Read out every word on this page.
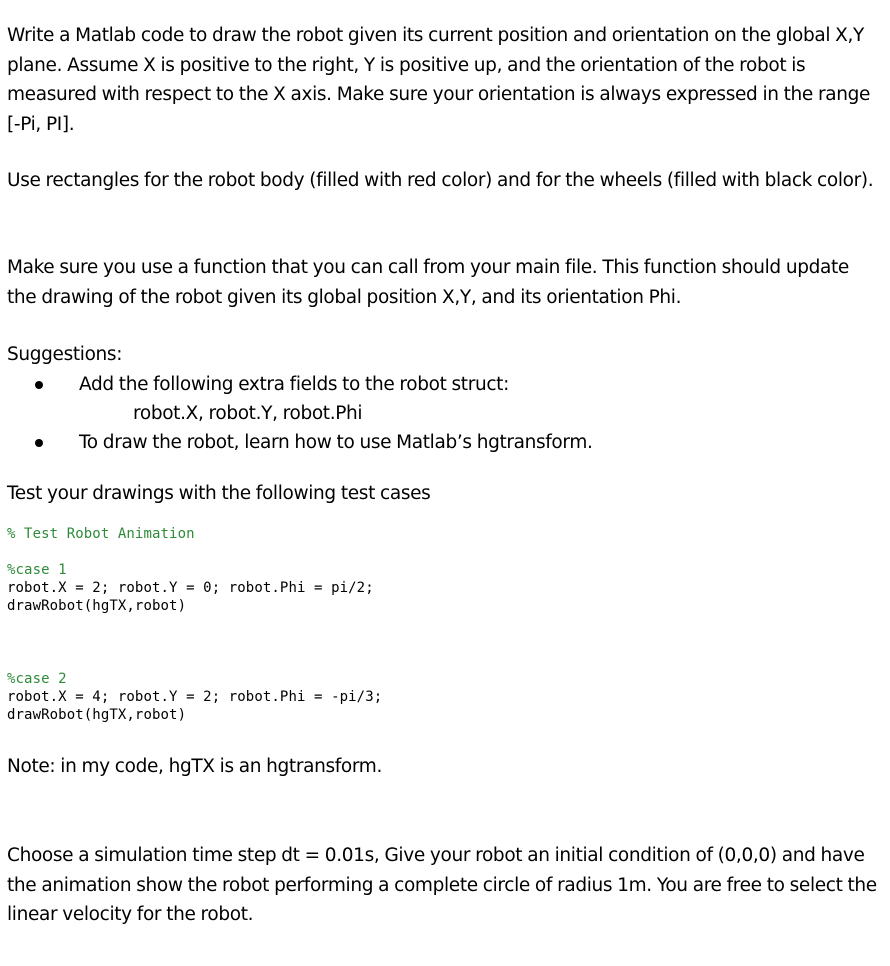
Write a Matlab code to draw the robot given its current position and orientation on the global X,Y plane. Assume X is positive to the right, Y is positive up, and the orientation of the robot is measured with respect to the X axis. Make sure your orientation is always expressed in the range [-Pi, PI].

Use rectangles for the robot body (filled with red color) and for the wheels (filled with black color).

Make sure you use a function that you can call from your main file. This function should update the drawing of the robot given its global position X,Y, and its orientation Phi.

Suggestions:

Add the following extra fields to the robot struct:
robot.X, robot.Y, robot.Phi
To draw the robot, learn how to use Matlab’s hgtransform.

Test your drawings with the following test cases

% Test Robot Animation
%case 1
robot.X = 2; robot.Y = 0; robot.Phi = pi/2;
drawRobot(hgTX,robot)
%case 2
robot.X = 4; robot.Y = 2; robot.Phi = -pi/3;
drawRobot(hgTX,robot)

Note: in my code, hgTX is an hgtransform.

Choose a simulation time step dt = 0.01s, Give your robot an initial condition of (0,0,0) and have the animation show the robot performing a complete circle of radius 1m. You are free to select the linear velocity for the robot.
